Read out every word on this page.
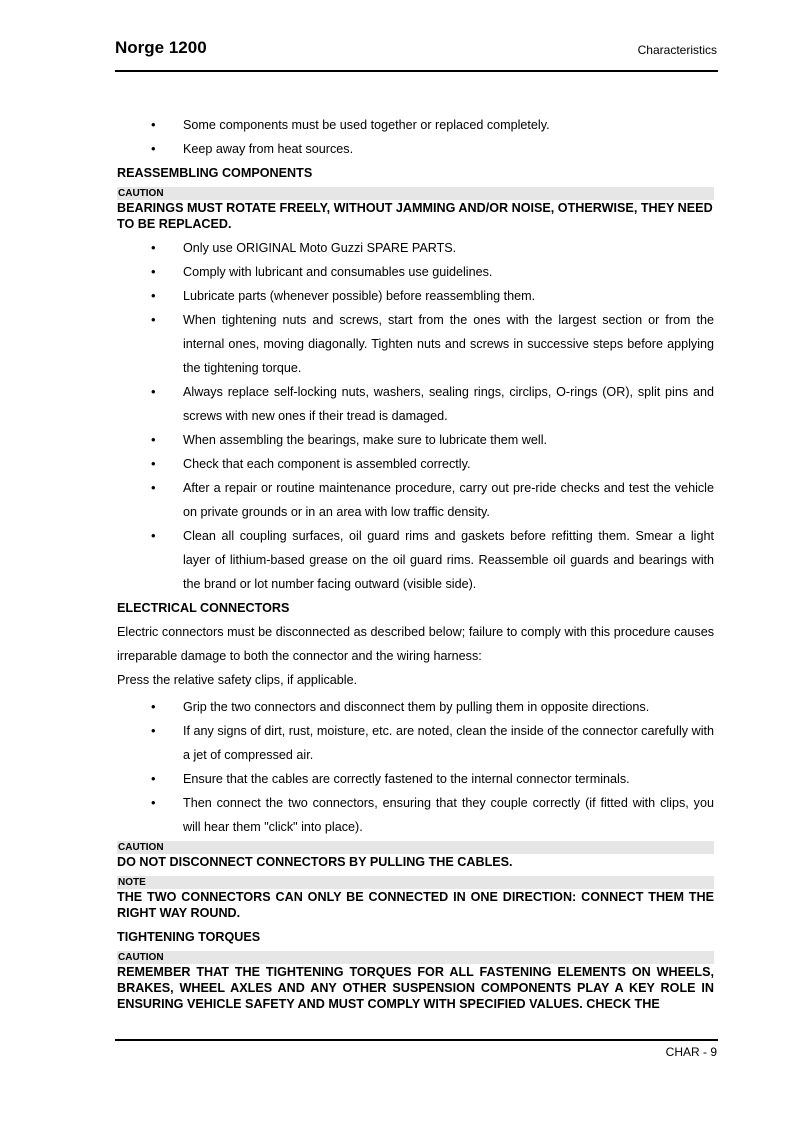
Norge 1200	Characteristics
• Some components must be used together or replaced completely.
• Keep away from heat sources.
REASSEMBLING COMPONENTS
CAUTION
BEARINGS MUST ROTATE FREELY, WITHOUT JAMMING AND/OR NOISE, OTHERWISE, THEY NEED TO BE REPLACED.
• Only use ORIGINAL Moto Guzzi SPARE PARTS.
• Comply with lubricant and consumables use guidelines.
• Lubricate parts (whenever possible) before reassembling them.
• When tightening nuts and screws, start from the ones with the largest section or from the internal ones, moving diagonally. Tighten nuts and screws in successive steps before applying the tightening torque.
• Always replace self-locking nuts, washers, sealing rings, circlips, O-rings (OR), split pins and screws with new ones if their tread is damaged.
• When assembling the bearings, make sure to lubricate them well.
• Check that each component is assembled correctly.
• After a repair or routine maintenance procedure, carry out pre-ride checks and test the vehicle on private grounds or in an area with low traffic density.
• Clean all coupling surfaces, oil guard rims and gaskets before refitting them. Smear a light layer of lithium-based grease on the oil guard rims. Reassemble oil guards and bearings with the brand or lot number facing outward (visible side).
ELECTRICAL CONNECTORS
Electric connectors must be disconnected as described below; failure to comply with this procedure causes irreparable damage to both the connector and the wiring harness:
Press the relative safety clips, if applicable.
• Grip the two connectors and disconnect them by pulling them in opposite directions.
• If any signs of dirt, rust, moisture, etc. are noted, clean the inside of the connector carefully with a jet of compressed air.
• Ensure that the cables are correctly fastened to the internal connector terminals.
• Then connect the two connectors, ensuring that they couple correctly (if fitted with clips, you will hear them "click" into place).
CAUTION
DO NOT DISCONNECT CONNECTORS BY PULLING THE CABLES.
NOTE
THE TWO CONNECTORS CAN ONLY BE CONNECTED IN ONE DIRECTION: CONNECT THEM THE RIGHT WAY ROUND.
TIGHTENING TORQUES
CAUTION
REMEMBER THAT THE TIGHTENING TORQUES FOR ALL FASTENING ELEMENTS ON WHEELS, BRAKES, WHEEL AXLES AND ANY OTHER SUSPENSION COMPONENTS PLAY A KEY ROLE IN ENSURING VEHICLE SAFETY AND MUST COMPLY WITH SPECIFIED VALUES. CHECK THE
CHAR - 9
